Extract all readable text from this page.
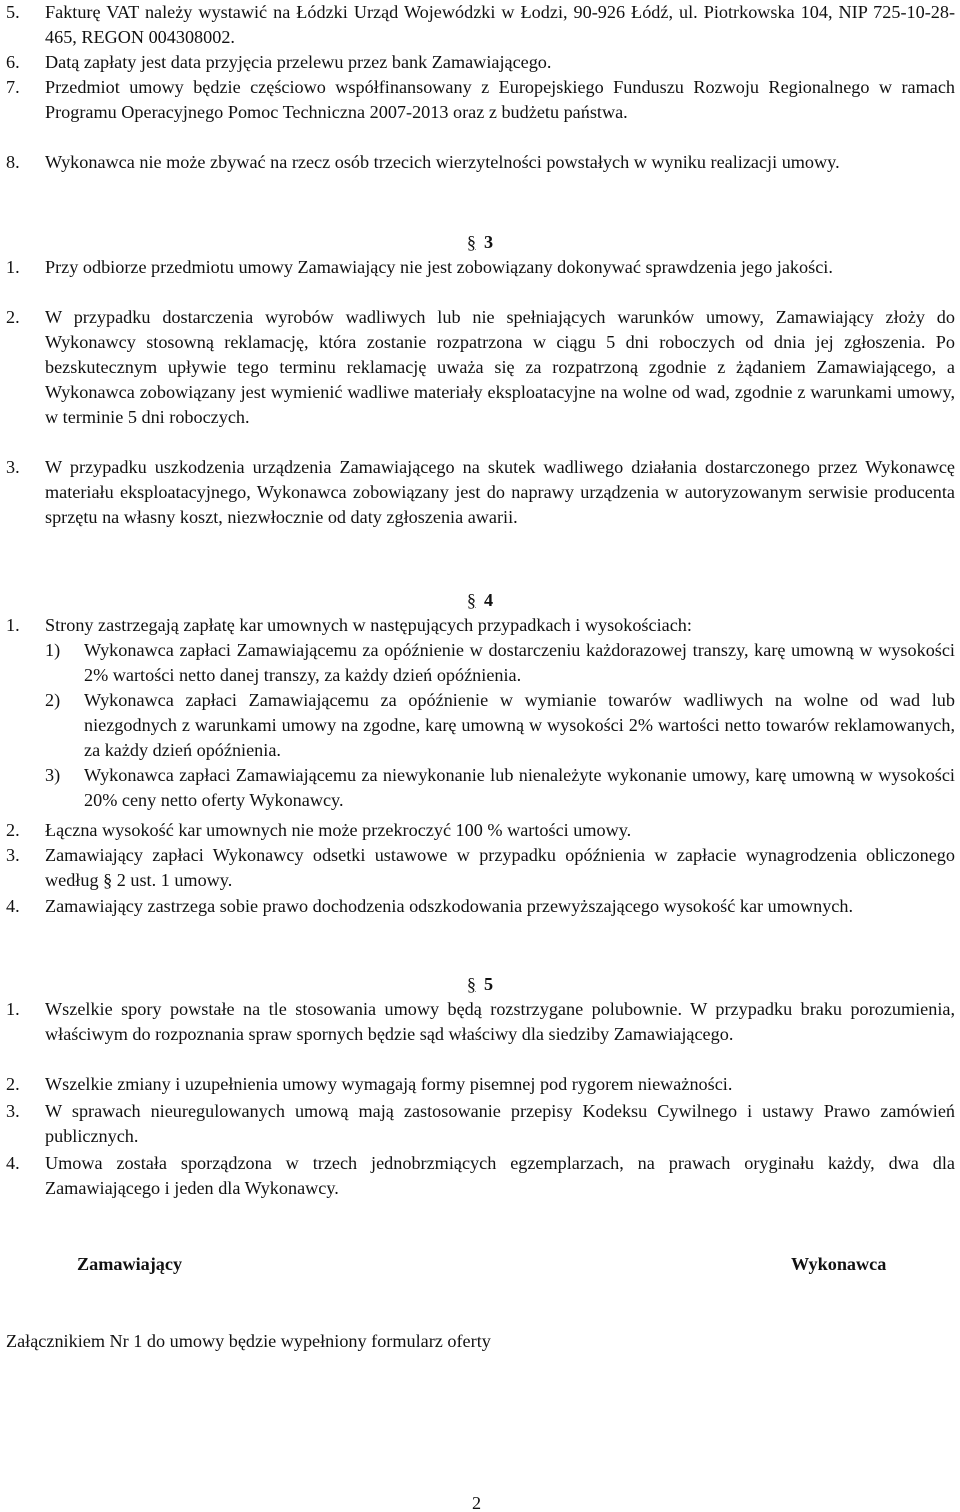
5. Fakturę VAT należy wystawić na Łódzki Urząd Wojewódzki w Łodzi, 90-926 Łódź, ul. Piotrkowska 104, NIP 725-10-28-465, REGON 004308002.
6. Datą zapłaty jest data przyjęcia przelewu przez bank Zamawiającego.
7. Przedmiot umowy będzie częściowo współfinansowany z Europejskiego Funduszu Rozwoju Regionalnego w ramach Programu Operacyjnego Pomoc Techniczna 2007-2013 oraz z budżetu państwa.
8. Wykonawca nie może zbywać na rzecz osób trzecich wierzytelności powstałych w wyniku realizacji umowy.
§ 3
1. Przy odbiorze przedmiotu umowy Zamawiający nie jest zobowiązany dokonywać sprawdzenia jego jakości.
2. W przypadku dostarczenia wyrobów wadliwych lub nie spełniających warunków umowy, Zamawiający złoży do Wykonawcy stosowną reklamację, która zostanie rozpatrzona w ciągu 5 dni roboczych od dnia jej zgłoszenia. Po bezskutecznym upływie tego terminu reklamację uważa się za rozpatrzoną zgodnie z żądaniem Zamawiającego, a Wykonawca zobowiązany jest wymienić wadliwe materiały eksploatacyjne na wolne od wad, zgodnie z warunkami umowy, w terminie 5 dni roboczych.
3. W przypadku uszkodzenia urządzenia Zamawiającego na skutek wadliwego działania dostarczonego przez Wykonawcę materiału eksploatacyjnego, Wykonawca zobowiązany jest do naprawy urządzenia w autoryzowanym serwisie producenta sprzętu na własny koszt, niezwłocznie od daty zgłoszenia awarii.
§ 4
1. Strony zastrzegają zapłatę kar umownych w następujących przypadkach i wysokościach:
1) Wykonawca zapłaci Zamawiającemu za opóźnienie w dostarczeniu każdorazowej transzy, karę umowną w wysokości 2% wartości netto danej transzy, za każdy dzień opóźnienia.
2) Wykonawca zapłaci Zamawiającemu za opóźnienie w wymianie towarów wadliwych na wolne od wad lub niezgodnych z warunkami umowy na zgodne, karę umowną w wysokości 2% wartości netto towarów reklamowanych, za każdy dzień opóźnienia.
3) Wykonawca zapłaci Zamawiającemu za niewykonanie lub nienależyte wykonanie umowy, karę umowną w wysokości 20% ceny netto oferty Wykonawcy.
2. Łączna wysokość kar umownych nie może przekroczyć 100 % wartości umowy.
3. Zamawiający zapłaci Wykonawcy odsetki ustawowe w przypadku opóźnienia w zapłacie wynagrodzenia obliczonego według § 2 ust. 1 umowy.
4. Zamawiający zastrzega sobie prawo dochodzenia odszkodowania przewyższającego wysokość kar umownych.
§ 5
1. Wszelkie spory powstałe na tle stosowania umowy będą rozstrzygane polubownie. W przypadku braku porozumienia, właściwym do rozpoznania spraw spornych będzie sąd właściwy dla siedziby Zamawiającego.
2. Wszelkie zmiany i uzupełnienia umowy wymagają formy pisemnej pod rygorem nieważności.
3. W sprawach nieuregulowanych umową mają zastosowanie przepisy Kodeksu Cywilnego i ustawy Prawo zamówień publicznych.
4. Umowa została sporządzona w trzech jednobrzmiących egzemplarzach, na prawach oryginału każdy, dwa dla Zamawiającego i jeden dla Wykonawcy.
Zamawiający	Wykonawca
Załącznikiem Nr 1 do umowy będzie wypełniony formularz oferty
2
